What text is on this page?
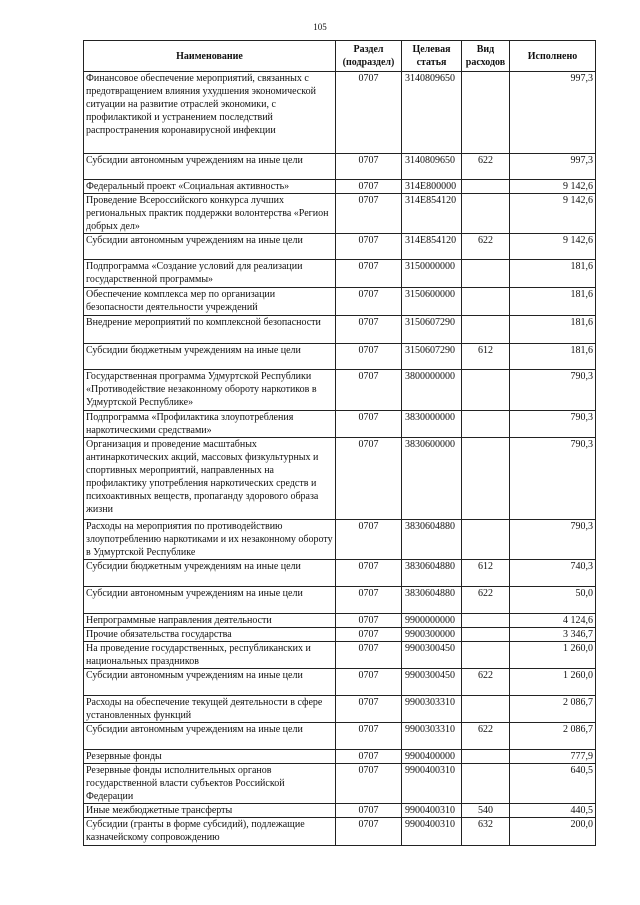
105
Наименование	Раздел (подраздел)	Целевая статья	Вид расходов	Исполнено
Финансовое обеспечение мероприятий, связанных с предотвращением влияния ухудшения экономической ситуации на развитие отраслей экономики, с профилактикой и устранением последствий распространения коронавирусной инфекции	0707	3140809650		997,3
Субсидии автономным учреждениям на иные цели	0707	3140809650	622	997,3
Федеральный проект «Социальная активность»	0707	314E800000		9 142,6
Проведение Всероссийского конкурса лучших региональных практик поддержки волонтерства «Регион добрых дел»	0707	314E854120		9 142,6
Субсидии автономным учреждениям на иные цели	0707	314E854120	622	9 142,6
Подпрограмма «Создание условий для реализации государственной программы»	0707	3150000000		181,6
Обеспечение комплекса мер по организации безопасности деятельности учреждений	0707	3150600000		181,6
Внедрение мероприятий по комплексной безопасности	0707	3150607290		181,6
Субсидии бюджетным учреждениям на иные цели	0707	3150607290	612	181,6
Государственная программа Удмуртской Республики «Противодействие незаконному обороту наркотиков в Удмуртской Республике»	0707	3800000000		790,3
Подпрограмма «Профилактика злоупотребления наркотическими средствами»	0707	3830000000		790,3
Организация и проведение масштабных антинаркотических акций, массовых физкультурных и спортивных мероприятий, направленных на профилактику употребления наркотических средств и психоактивных веществ, пропаганду здорового образа жизни	0707	3830600000		790,3
Расходы на мероприятия по противодействию злоупотреблению наркотиками и их незаконному обороту в Удмуртской Республике	0707	3830604880		790,3
Субсидии бюджетным учреждениям на иные цели	0707	3830604880	612	740,3
Субсидии автономным учреждениям на иные цели	0707	3830604880	622	50,0
Непрограммные направления деятельности	0707	9900000000		4 124,6
Прочие обязательства государства	0707	9900300000		3 346,7
На проведение государственных, республиканских и национальных праздников	0707	9900300450		1 260,0
Субсидии автономным учреждениям на иные цели	0707	9900300450	622	1 260,0
Расходы на обеспечение текущей деятельности в сфере установленных функций	0707	9900303310		2 086,7
Субсидии автономным учреждениям на иные цели	0707	9900303310	622	2 086,7
Резервные фонды	0707	9900400000		777,9
Резервные фонды исполнительных органов государственной власти субъектов Российской Федерации	0707	9900400310		640,5
Иные межбюджетные трансферты	0707	9900400310	540	440,5
Субсидии (гранты в форме субсидий), подлежащие казначейскому сопровождению	0707	9900400310	632	200,0
